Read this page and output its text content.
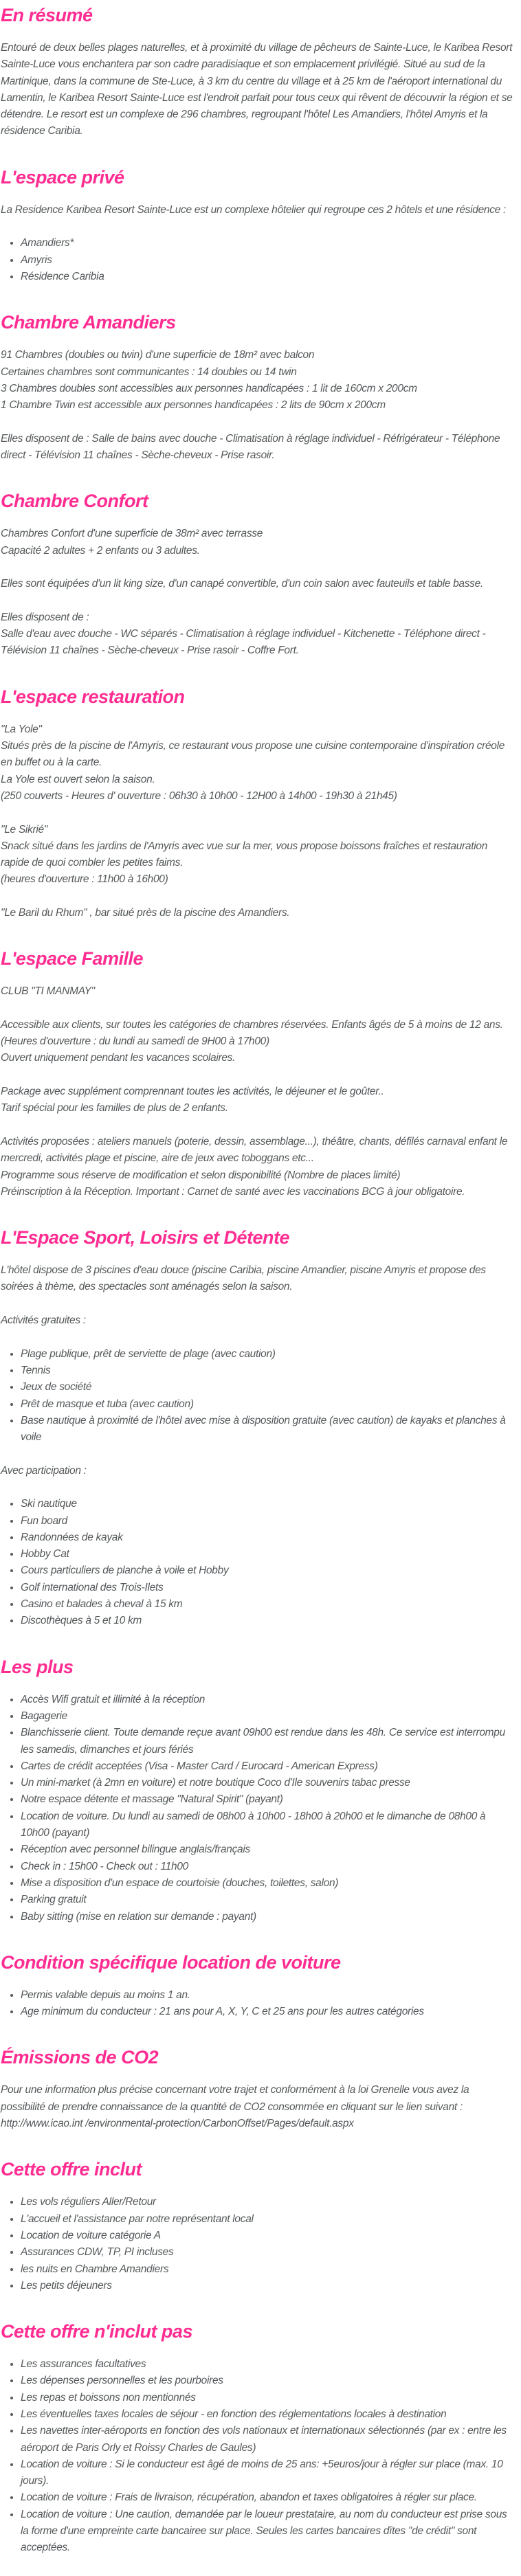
En résumé

Entouré de deux belles plages naturelles, et à proximité du village de pêcheurs de Sainte-Luce, le Karibea Resort Sainte-Luce vous enchantera par son cadre paradisiaque et son emplacement privilégié. Situé au sud de la Martinique, dans la commune de Ste-Luce, à 3 km du centre du village et à 25 km de l'aéroport international du Lamentin, le Karibea Resort Sainte-Luce est l'endroit parfait pour tous ceux qui rêvent de découvrir la région et se détendre. Le resort est un complexe de 296 chambres, regroupant l'hôtel Les Amandiers, l'hôtel Amyris et la résidence Caribia.

L'espace privé

La Residence Karibea Resort Sainte-Luce est un complexe hôtelier qui regroupe ces 2 hôtels et une résidence :

• Amandiers*
• Amyris
• Résidence Caribia
Chambre Amandiers

91 Chambres (doubles ou twin) d'une superficie de 18m² avec balcon
Certaines chambres sont communicantes : 14 doubles ou 14 twin
3 Chambres doubles sont accessibles aux personnes handicapées : 1 lit de 160cm x 200cm
1 Chambre Twin est accessible aux personnes handicapées : 2 lits de 90cm x 200cm

Elles disposent de : Salle de bains avec douche - Climatisation à réglage individuel - Réfrigérateur - Téléphone direct - Télévision 11 chaînes - Sèche-cheveux - Prise rasoir.

Chambre Confort

Chambres Confort d'une superficie de 38m² avec terrasse
Capacité 2 adultes + 2 enfants ou 3 adultes.

Elles sont équipées d'un lit king size, d'un canapé convertible, d'un coin salon avec fauteuils et table basse.

Elles disposent de :
Salle d'eau avec douche - WC séparés - Climatisation à réglage individuel - Kitchenette - Téléphone direct - Télévision 11 chaînes - Sèche-cheveux - Prise rasoir - Coffre Fort.

L'espace restauration

"La Yole"
Situés près de la piscine de l'Amyris, ce restaurant vous propose une cuisine contemporaine d'inspiration créole en buffet ou à la carte.
La Yole est ouvert selon la saison.
(250 couverts - Heures d' ouverture : 06h30 à 10h00 - 12H00 à 14h00 - 19h30 à 21h45)

"Le Sikrié"
Snack situé dans les jardins de l'Amyris avec vue sur la mer, vous propose boissons fraîches et restauration rapide de quoi combler les petites faims.
(heures d'ouverture : 11h00 à 16h00)

"Le Baril du Rhum" , bar situé près de la piscine des Amandiers.

L'espace Famille

CLUB "TI MANMAY"

Accessible aux clients, sur toutes les catégories de chambres réservées. Enfants âgés de 5 à moins de 12 ans.
(Heures d'ouverture : du lundi au samedi de 9H00 à 17h00)
Ouvert uniquement pendant les vacances scolaires.

Package avec supplément comprennant toutes les activités, le déjeuner et le goûter..
Tarif spécial pour les familles de plus de 2 enfants.

Activités proposées : ateliers manuels (poterie, dessin, assemblage...), théâtre, chants, défilés carnaval enfant le mercredi, activités plage et piscine, aire de jeux avec toboggans etc...
Programme sous réserve de modification et selon disponibilité (Nombre de places limité)
Préinscription à la Réception. Important : Carnet de santé avec les vaccinations BCG à jour obligatoire.

L'Espace Sport, Loisirs et Détente

L'hôtel dispose de 3 piscines d'eau douce (piscine Caribia, piscine Amandier, piscine Amyris et propose des soirées à thème, des spectacles sont aménagés selon la saison.

Activités gratuites :

• Plage publique, prêt de serviette de plage (avec caution)
• Tennis
• Jeux de société
• Prêt de masque et tuba (avec caution)
• Base nautique à proximité de l'hôtel avec mise à disposition gratuite (avec caution) de kayaks et planches à voile

Avec participation :

• Ski nautique
• Fun board
• Randonnées de kayak
• Hobby Cat
• Cours particuliers de planche à voile et Hobby
• Golf international des Trois-Ilets
• Casino et balades à cheval à 15 km
• Discothèques à 5 et 10 km
Les plus
• Accès Wifi gratuit et illimité à la réception
• Bagagerie
• Blanchisserie client. Toute demande reçue avant 09h00 est rendue dans les 48h. Ce service est interrompu les samedis, dimanches et jours fériés
• Cartes de crédit acceptées (Visa - Master Card / Eurocard - American Express)
• Un mini-market (à 2mn en voiture) et notre boutique Coco d'Ile souvenirs tabac presse
• Notre espace détente et massage "Natural Spirit" (payant)
• Location de voiture. Du lundi au samedi de 08h00 à 10h00 - 18h00 à 20h00 et le dimanche de 08h00 à 10h00 (payant)
• Réception avec personnel bilingue anglais/français
• Check in : 15h00 - Check out : 11h00
• Mise a disposition d'un espace de courtoisie (douches, toilettes, salon)
• Parking gratuit
• Baby sitting (mise en relation sur demande : payant)
Condition spécifique location de voiture
• Permis valable depuis au moins 1 an.
• Age minimum du conducteur : 21 ans pour A, X, Y, C et 25 ans pour les autres catégories
Émissions de CO2

Pour une information plus précise concernant votre trajet et conformément à la loi Grenelle vous avez la possibilité de prendre connaissance de la quantité de CO2 consommée en cliquant sur le lien suivant : http://www.icao.int /environmental-protection/CarbonOffset/Pages/default.aspx

Cette offre inclut
• Les vols réguliers Aller/Retour
• L'accueil et l'assistance par notre représentant local
• Location de voiture catégorie A
• Assurances CDW, TP, PI incluses
• les nuits en Chambre Amandiers
• Les petits déjeuners
Cette offre n'inclut pas
• Les assurances facultatives
• Les dépenses personnelles et les pourboires
• Les repas et boissons non mentionnés
• Les éventuelles taxes locales de séjour - en fonction des réglementations locales à destination
• Les navettes inter-aéroports en fonction des vols nationaux et internationaux sélectionnés (par ex : entre les aéroport de Paris Orly et Roissy Charles de Gaules)
• Location de voiture : Si le conducteur est âgé de moins de 25 ans: +5euros/jour à régler sur place (max. 10 jours).
• Location de voiture : Frais de livraison, récupération, abandon et taxes obligatoires à régler sur place.
• Location de voiture : Une caution, demandée par le loueur prestataire, au nom du conducteur est prise sous la forme d'une empreinte carte bancairee sur place. Seules les cartes bancaires dîtes "de crédit" sont acceptées.
